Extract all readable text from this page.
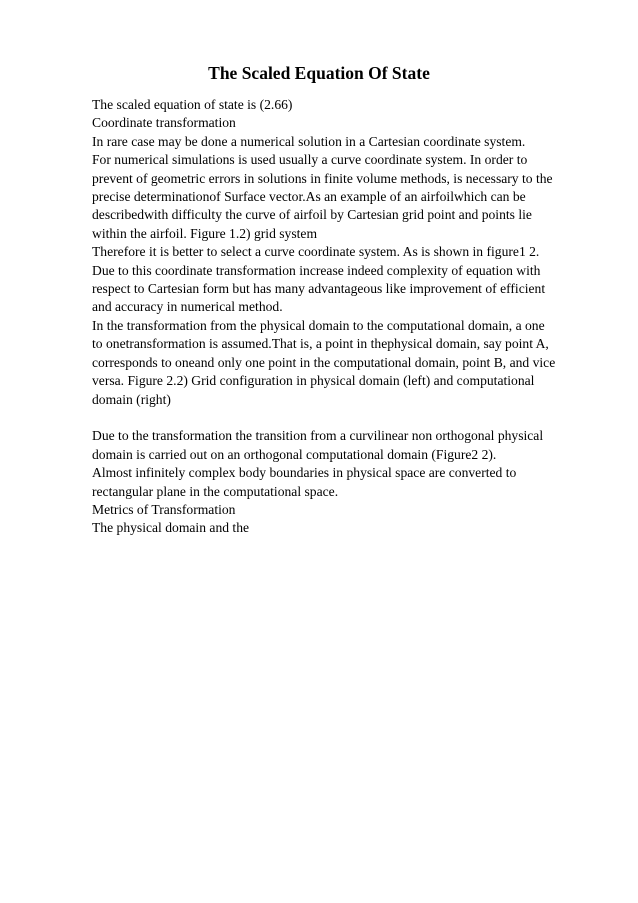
The Scaled Equation Of State
The scaled equation of state is (2.66)
Coordinate transformation
In rare case may be done a numerical solution in a Cartesian coordinate system.
For numerical simulations is used usually a curve coordinate system. In order to
prevent of geometric errors in solutions in finite volume methods, is necessary to the
precise determinationof Surface vector.As an example of an airfoilwhich can be
describedwith difficulty the curve of airfoil by Cartesian grid point and points lie
within the airfoil. Figure 1.2) grid system
Therefore it is better to select a curve coordinate system. As is shown in figure1 2.
Due to this coordinate transformation increase indeed complexity of equation with
respect to Cartesian form but has many advantageous like improvement of efficient
and accuracy in numerical method.
In the transformation from the physical domain to the computational domain, a one
to onetransformation is assumed.That is, a point in thephysical domain, say point A,
corresponds to oneand only one point in the computational domain, point B, and vice
versa. Figure 2.2) Grid configuration in physical domain (left) and computational
domain (right)
Due to the transformation the transition from a curvilinear non orthogonal physical
domain is carried out on an orthogonal computational domain (Figure2 2).
Almost infinitely complex body boundaries in physical space are converted to
rectangular plane in the computational space.
Metrics of Transformation
The physical domain and the
